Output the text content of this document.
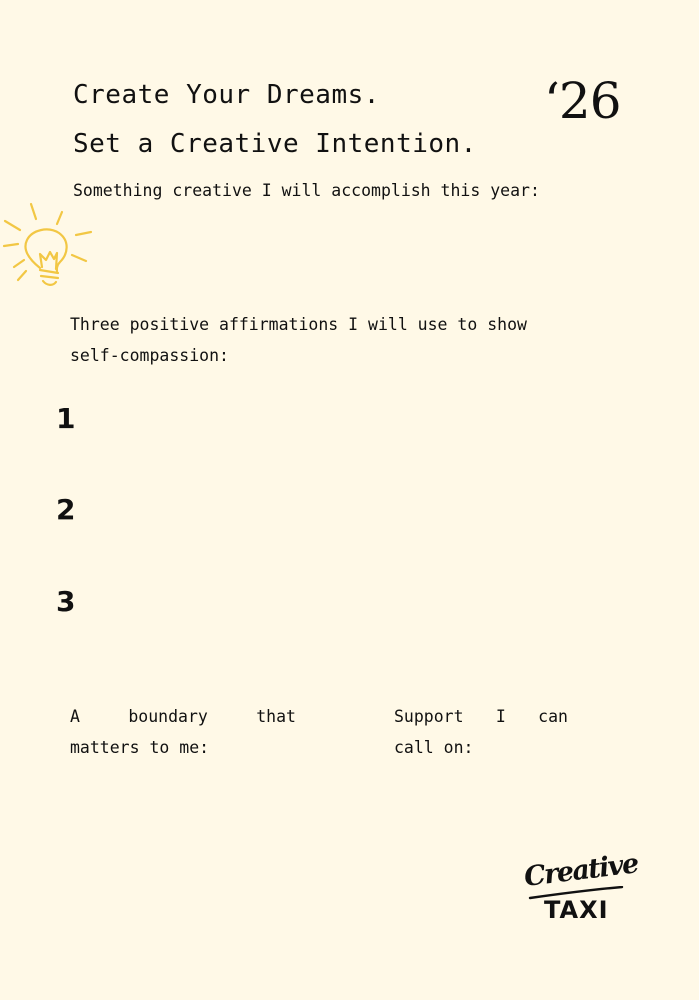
Create Your Dreams.
Set a Creative Intention.
‘26
Something creative I will accomplish this year:
Three positive affirmations I will use to show
self-compassion:
1
2
3
A	boundary	that
matters to me:
Support I can
call on:
Creative
TAXI
